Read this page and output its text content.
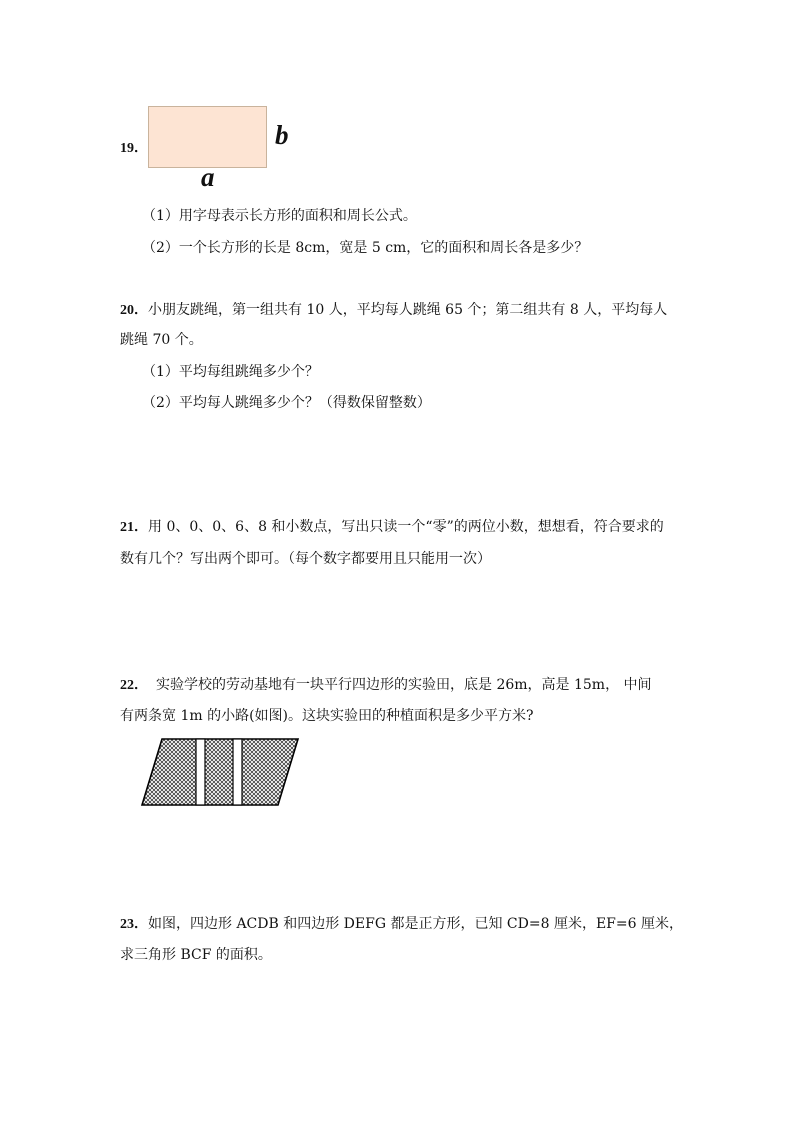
19．	b
a
（1）用字母表示长方形的面积和周长公式。
（2）一个长方形的长是 8cm，宽是 5 cm，它的面积和周长各是多少？
20．小朋友跳绳，第一组共有 10 人，平均每人跳绳 65 个；第二组共有 8 人，平均每人
跳绳 70 个。
（1）平均每组跳绳多少个？
（2）平均每人跳绳多少个？（得数保留整数）
21．用 0、0、0、6、8 和小数点，写出只读一个“零”的两位小数，想想看，符合要求的
数有几个？写出两个即可。（每个数字都要用且只能用一次）
22． 实验学校的劳动基地有一块平行四边形的实验田，底是 26m，高是 15m， 中间
有两条宽 1m 的小路(如图)。这块实验田的种植面积是多少平方米?
23．如图，四边形 ACDB 和四边形 DEFG 都是正方形，已知 CD=8 厘米，EF=6 厘米，
求三角形 BCF 的面积。
